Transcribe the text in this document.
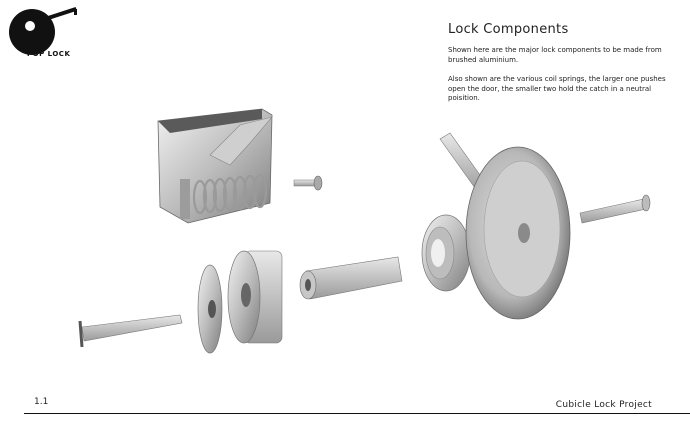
POP LOCK
Lock Components
Shown here are the major lock components to be made from brushed aluminium.
Also shown are the various coil springs, the larger one pushes open the door, the smaller two hold the catch in a neutral poisition.
1.1	Cubicle Lock Project
